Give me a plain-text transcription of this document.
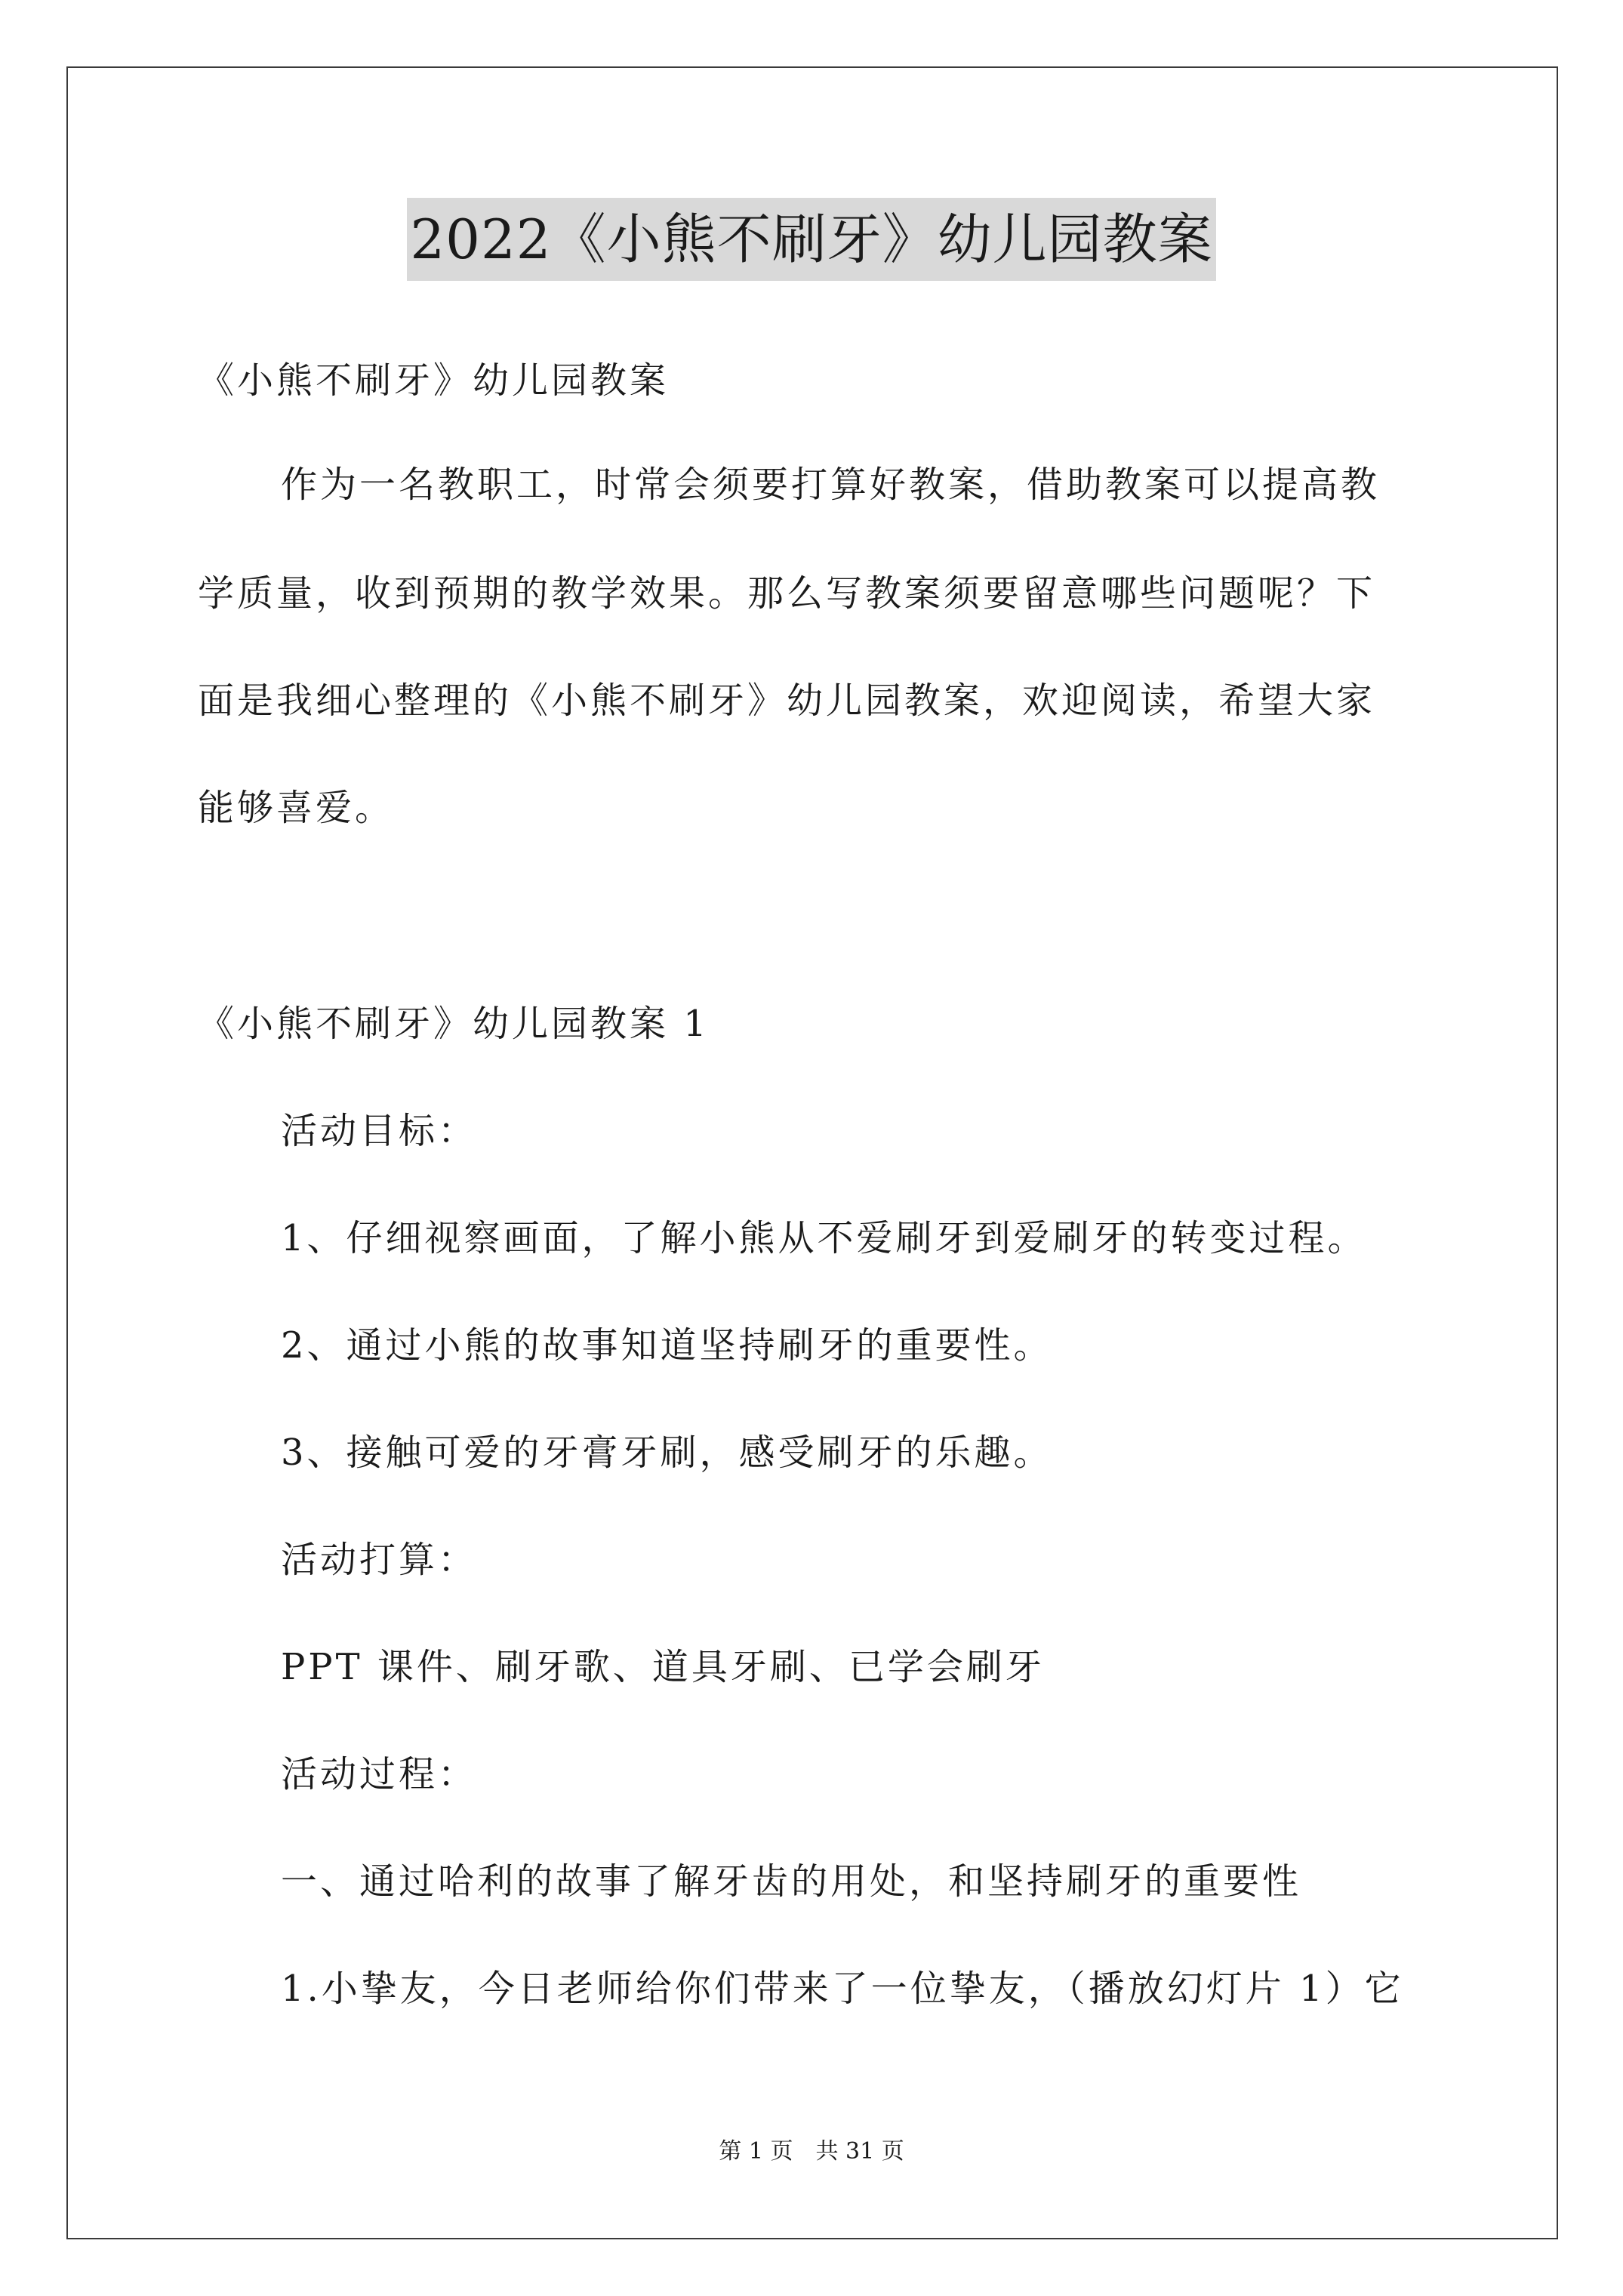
2022《小熊不刷牙》幼儿园教案
《小熊不刷牙》幼儿园教案
作为一名教职工，时常会须要打算好教案，借助教案可以提高教
学质量，收到预期的教学效果。那么写教案须要留意哪些问题呢？下
面是我细心整理的《小熊不刷牙》幼儿园教案，欢迎阅读，希望大家
能够喜爱。
《小熊不刷牙》幼儿园教案 1
活动目标：
1、仔细视察画面，了解小熊从不爱刷牙到爱刷牙的转变过程。
2、通过小熊的故事知道坚持刷牙的重要性。
3、接触可爱的牙膏牙刷，感受刷牙的乐趣。
活动打算：
PPT 课件、刷牙歌、道具牙刷、已学会刷牙
活动过程：
一、通过哈利的故事了解牙齿的用处，和坚持刷牙的重要性
1.小挚友，今日老师给你们带来了一位挚友，（播放幻灯片 1）它
第 1 页　共 31 页
